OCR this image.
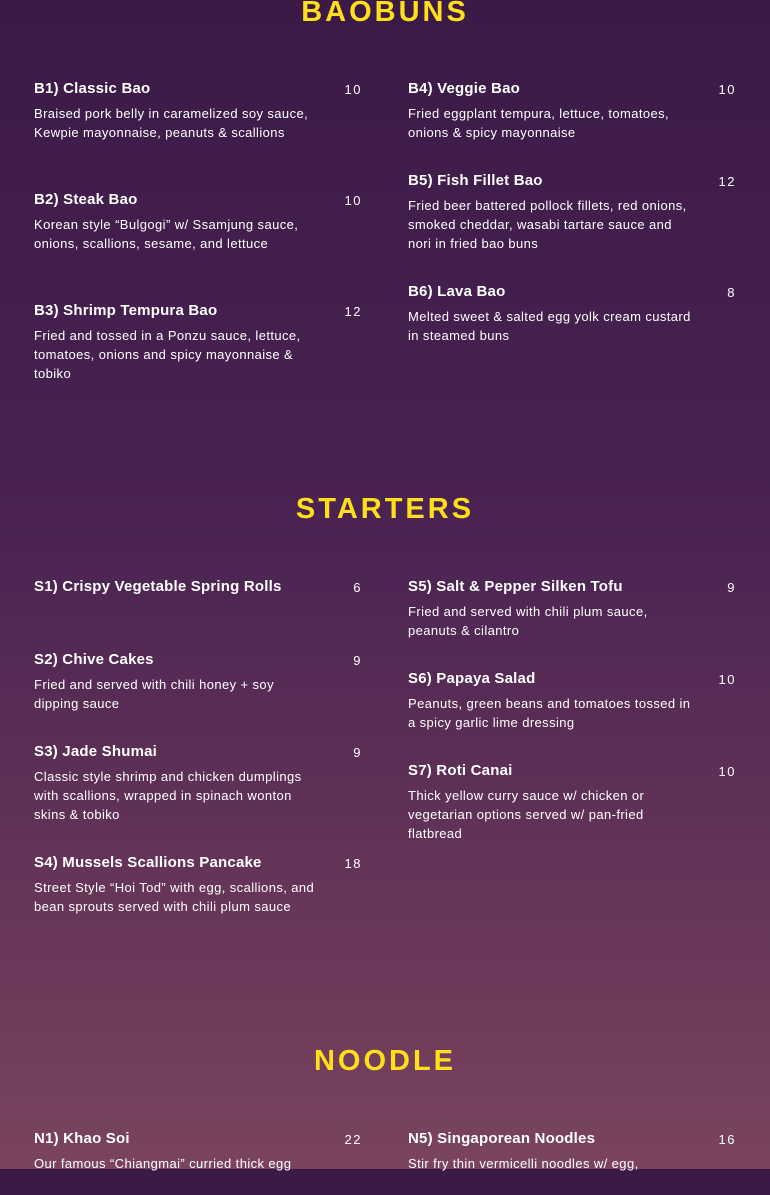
BAOBUNS
B1) Classic Bao	10
Braised pork belly in caramelized soy sauce, Kewpie mayonnaise, peanuts & scallions
B2) Steak Bao	10
Korean style “Bulgogi” w/ Ssamjung sauce, onions, scallions, sesame, and lettuce
B3) Shrimp Tempura Bao	12
Fried and tossed in a Ponzu sauce, lettuce, tomatoes, onions and spicy mayonnaise & tobiko
B4) Veggie Bao	10
Fried eggplant tempura, lettuce, tomatoes, onions & spicy mayonnaise
B5) Fish Fillet Bao	12
Fried beer battered pollock fillets, red onions, smoked cheddar, wasabi tartare sauce and nori in fried bao buns
B6) Lava Bao	8
Melted sweet & salted egg yolk cream custard in steamed buns
STARTERS
S1) Crispy Vegetable Spring Rolls	6
S2) Chive Cakes	9
Fried and served with chili honey + soy dipping sauce
S3) Jade Shumai	9
Classic style shrimp and chicken dumplings with scallions, wrapped in spinach wonton skins & tobiko
S4) Mussels Scallions Pancake	18
Street Style “Hoi Tod” with egg, scallions, and bean sprouts served with chili plum sauce
S5) Salt & Pepper Silken Tofu	9
Fried and served with chili plum sauce, peanuts & cilantro
S6) Papaya Salad	10
Peanuts, green beans and tomatoes tossed in a spicy garlic lime dressing
S7) Roti Canai	10
Thick yellow curry sauce w/ chicken or vegetarian options served w/ pan-fried flatbread
NOODLE
N1) Khao Soi	22
Our famous “Chiangmai” curried thick egg
N5) Singaporean Noodles	16
Stir fry thin vermicelli noodles w/ egg,
